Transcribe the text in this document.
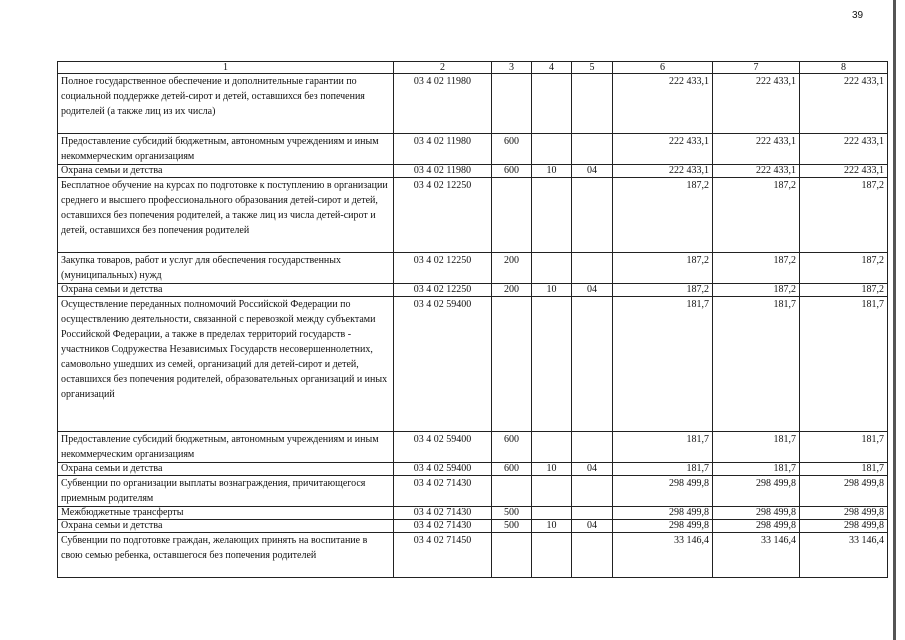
39
1	2	3	4	5	6	7	8
Полное государственное обеспечение и дополнительные гарантии по социальной поддержке детей-сирот и детей, оставшихся без попечения родителей (а также лиц из их числа)	03 4 02 11980				222 433,1	222 433,1	222 433,1
Предоставление субсидий бюджетным, автономным учреждениям и иным некоммерческим организациям	03 4 02 11980	600			222 433,1	222 433,1	222 433,1
Охрана семьи и детства	03 4 02 11980	600	10	04	222 433,1	222 433,1	222 433,1
Бесплатное обучение на курсах по подготовке к поступлению в организации среднего и высшего профессионального образования детей-сирот и детей, оставшихся без попечения родителей, а также лиц из числа детей-сирот и детей, оставшихся без попечения родителей	03 4 02 12250				187,2	187,2	187,2
Закупка товаров, работ и услуг для обеспечения государственных (муниципальных) нужд	03 4 02 12250	200			187,2	187,2	187,2
Охрана семьи и детства	03 4 02 12250	200	10	04	187,2	187,2	187,2
Осуществление переданных полномочий Российской Федерации по осуществлению деятельности, связанной с перевозкой между субъектами Российской Федерации, а также в пределах территорий государств - участников Содружества Независимых Государств несовершеннолетних, самовольно ушедших из семей, организаций для детей-сирот и детей, оставшихся без попечения родителей, образовательных организаций и иных организаций	03 4 02 59400				181,7	181,7	181,7
Предоставление субсидий бюджетным, автономным учреждениям и иным некоммерческим организациям	03 4 02 59400	600			181,7	181,7	181,7
Охрана семьи и детства	03 4 02 59400	600	10	04	181,7	181,7	181,7
Субвенции по организации выплаты вознаграждения, причитающегося приемным родителям	03 4 02 71430				298 499,8	298 499,8	298 499,8
Межбюджетные трансферты	03 4 02 71430	500			298 499,8	298 499,8	298 499,8
Охрана семьи и детства	03 4 02 71430	500	10	04	298 499,8	298 499,8	298 499,8
Субвенции по подготовке граждан, желающих принять на воспитание в свою семью ребенка, оставшегося без попечения родителей	03 4 02 71450				33 146,4	33 146,4	33 146,4
